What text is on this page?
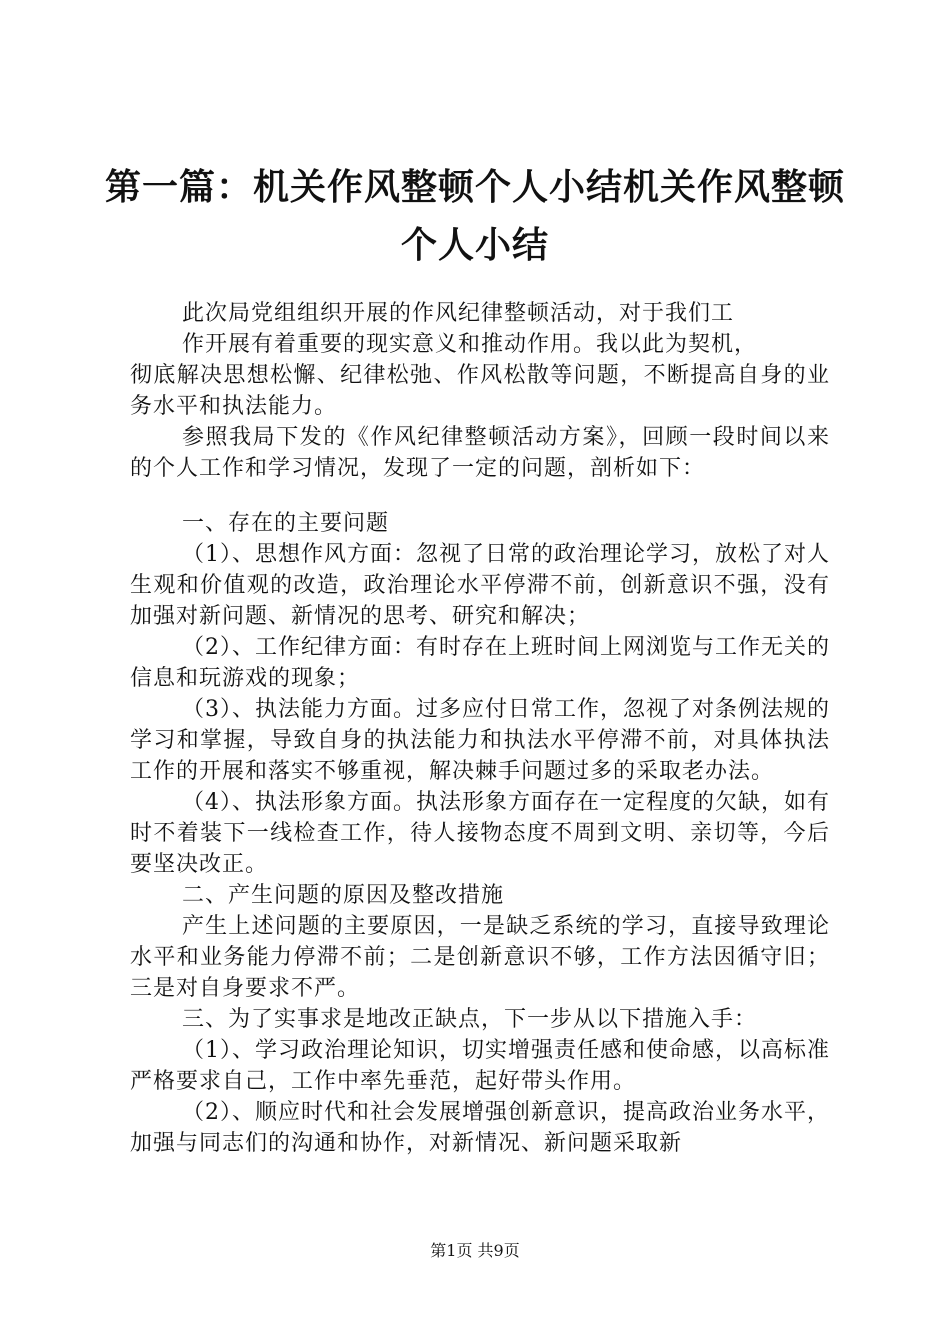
第一篇：机关作风整顿个人小结机关作风整顿个人小结

此次局党组组织开展的作风纪律整顿活动，对于我们工
作开展有着重要的现实意义和推动作用。我以此为契机，
彻底解决思想松懈、纪律松弛、作风松散等问题，不断提高自身的业务水平和执法能力。

参照我局下发的《作风纪律整顿活动方案》，回顾一段时间以来的个人工作和学习情况，发现了一定的问题，剖析如下：

一、存在的主要问题

（1）、思想作风方面：忽视了日常的政治理论学习，放松了对人生观和价值观的改造，政治理论水平停滞不前，创新意识不强，没有加强对新问题、新情况的思考、研究和解决；

（2）、工作纪律方面：有时存在上班时间上网浏览与工作无关的信息和玩游戏的现象；

（3）、执法能力方面。过多应付日常工作，忽视了对条例法规的学习和掌握，导致自身的执法能力和执法水平停滞不前，对具体执法工作的开展和落实不够重视，解决棘手问题过多的采取老办法。

（4）、执法形象方面。执法形象方面存在一定程度的欠缺，如有时不着装下一线检查工作，待人接物态度不周到文明、亲切等，今后要坚决改正。

二、产生问题的原因及整改措施

产生上述问题的主要原因，一是缺乏系统的学习，直接导致理论水平和业务能力停滞不前；二是创新意识不够，工作方法因循守旧；三是对自身要求不严。

三、为了实事求是地改正缺点，下一步从以下措施入手：

（1）、学习政治理论知识，切实增强责任感和使命感，以高标准严格要求自己，工作中率先垂范，起好带头作用。

（2）、顺应时代和社会发展增强创新意识，提高政治业务水平，加强与同志们的沟通和协作，对新情况、新问题采取新

第1页 共9页
